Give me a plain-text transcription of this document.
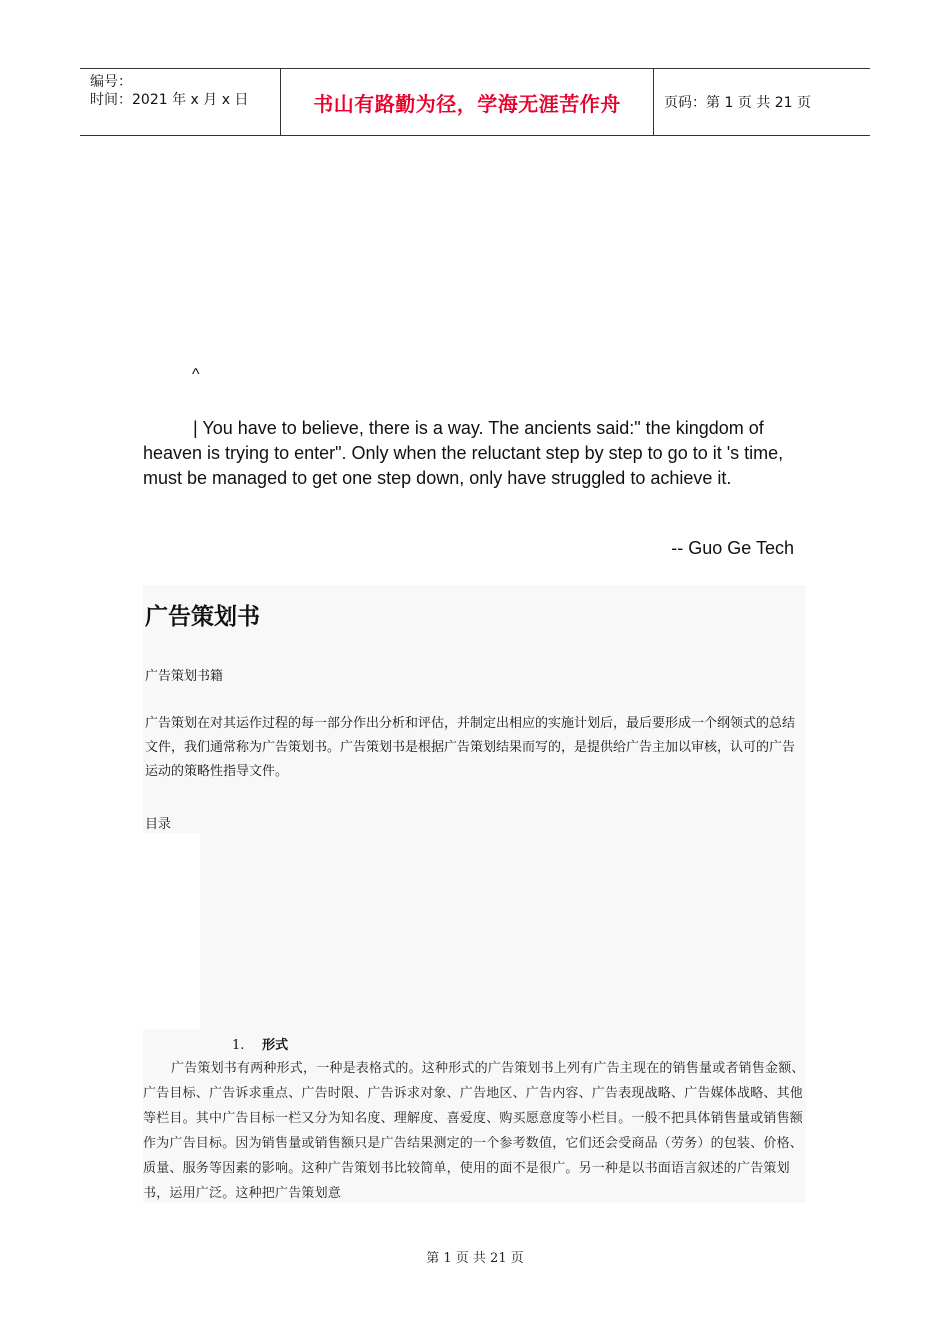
编号：
时间：2021 年 x 月 x 日	书山有路勤为径，学海无涯苦作舟	页码：第 1 页 共 21 页
^

| You have to believe, there is a way. The ancients said:" the kingdom of heaven is trying to enter". Only when the reluctant step by step to go to it 's time, must be managed to get one step down, only have struggled to achieve it.

-- Guo Ge Tech
广告策划书
广告策划书籍

广告策划在对其运作过程的每一部分作出分析和评估，并制定出相应的实施计划后，最后要形成一个纲领式的总结文件，我们通常称为广告策划书。广告策划书是根据广告策划结果而写的，是提供给广告主加以审核，认可的广告运动的策略性指导文件。

目录
1. 形式

广告策划书有两种形式，一种是表格式的。这种形式的广告策划书上列有广告主现在的销售量或者销售金额、广告目标、广告诉求重点、广告时限、广告诉求对象、广告地区、广告内容、广告表现战略、广告媒体战略、其他等栏目。其中广告目标一栏又分为知名度、理解度、喜爱度、购买愿意度等小栏目。一般不把具体销售量或销售额作为广告目标。因为销售量或销售额只是广告结果测定的一个参考数值，它们还会受商品（劳务）的包装、价格、质量、服务等因素的影响。这种广告策划书比较简单，使用的面不是很广。另一种是以书面语言叙述的广告策划书，运用广泛。这种把广告策划意

第 1 页 共 21 页
